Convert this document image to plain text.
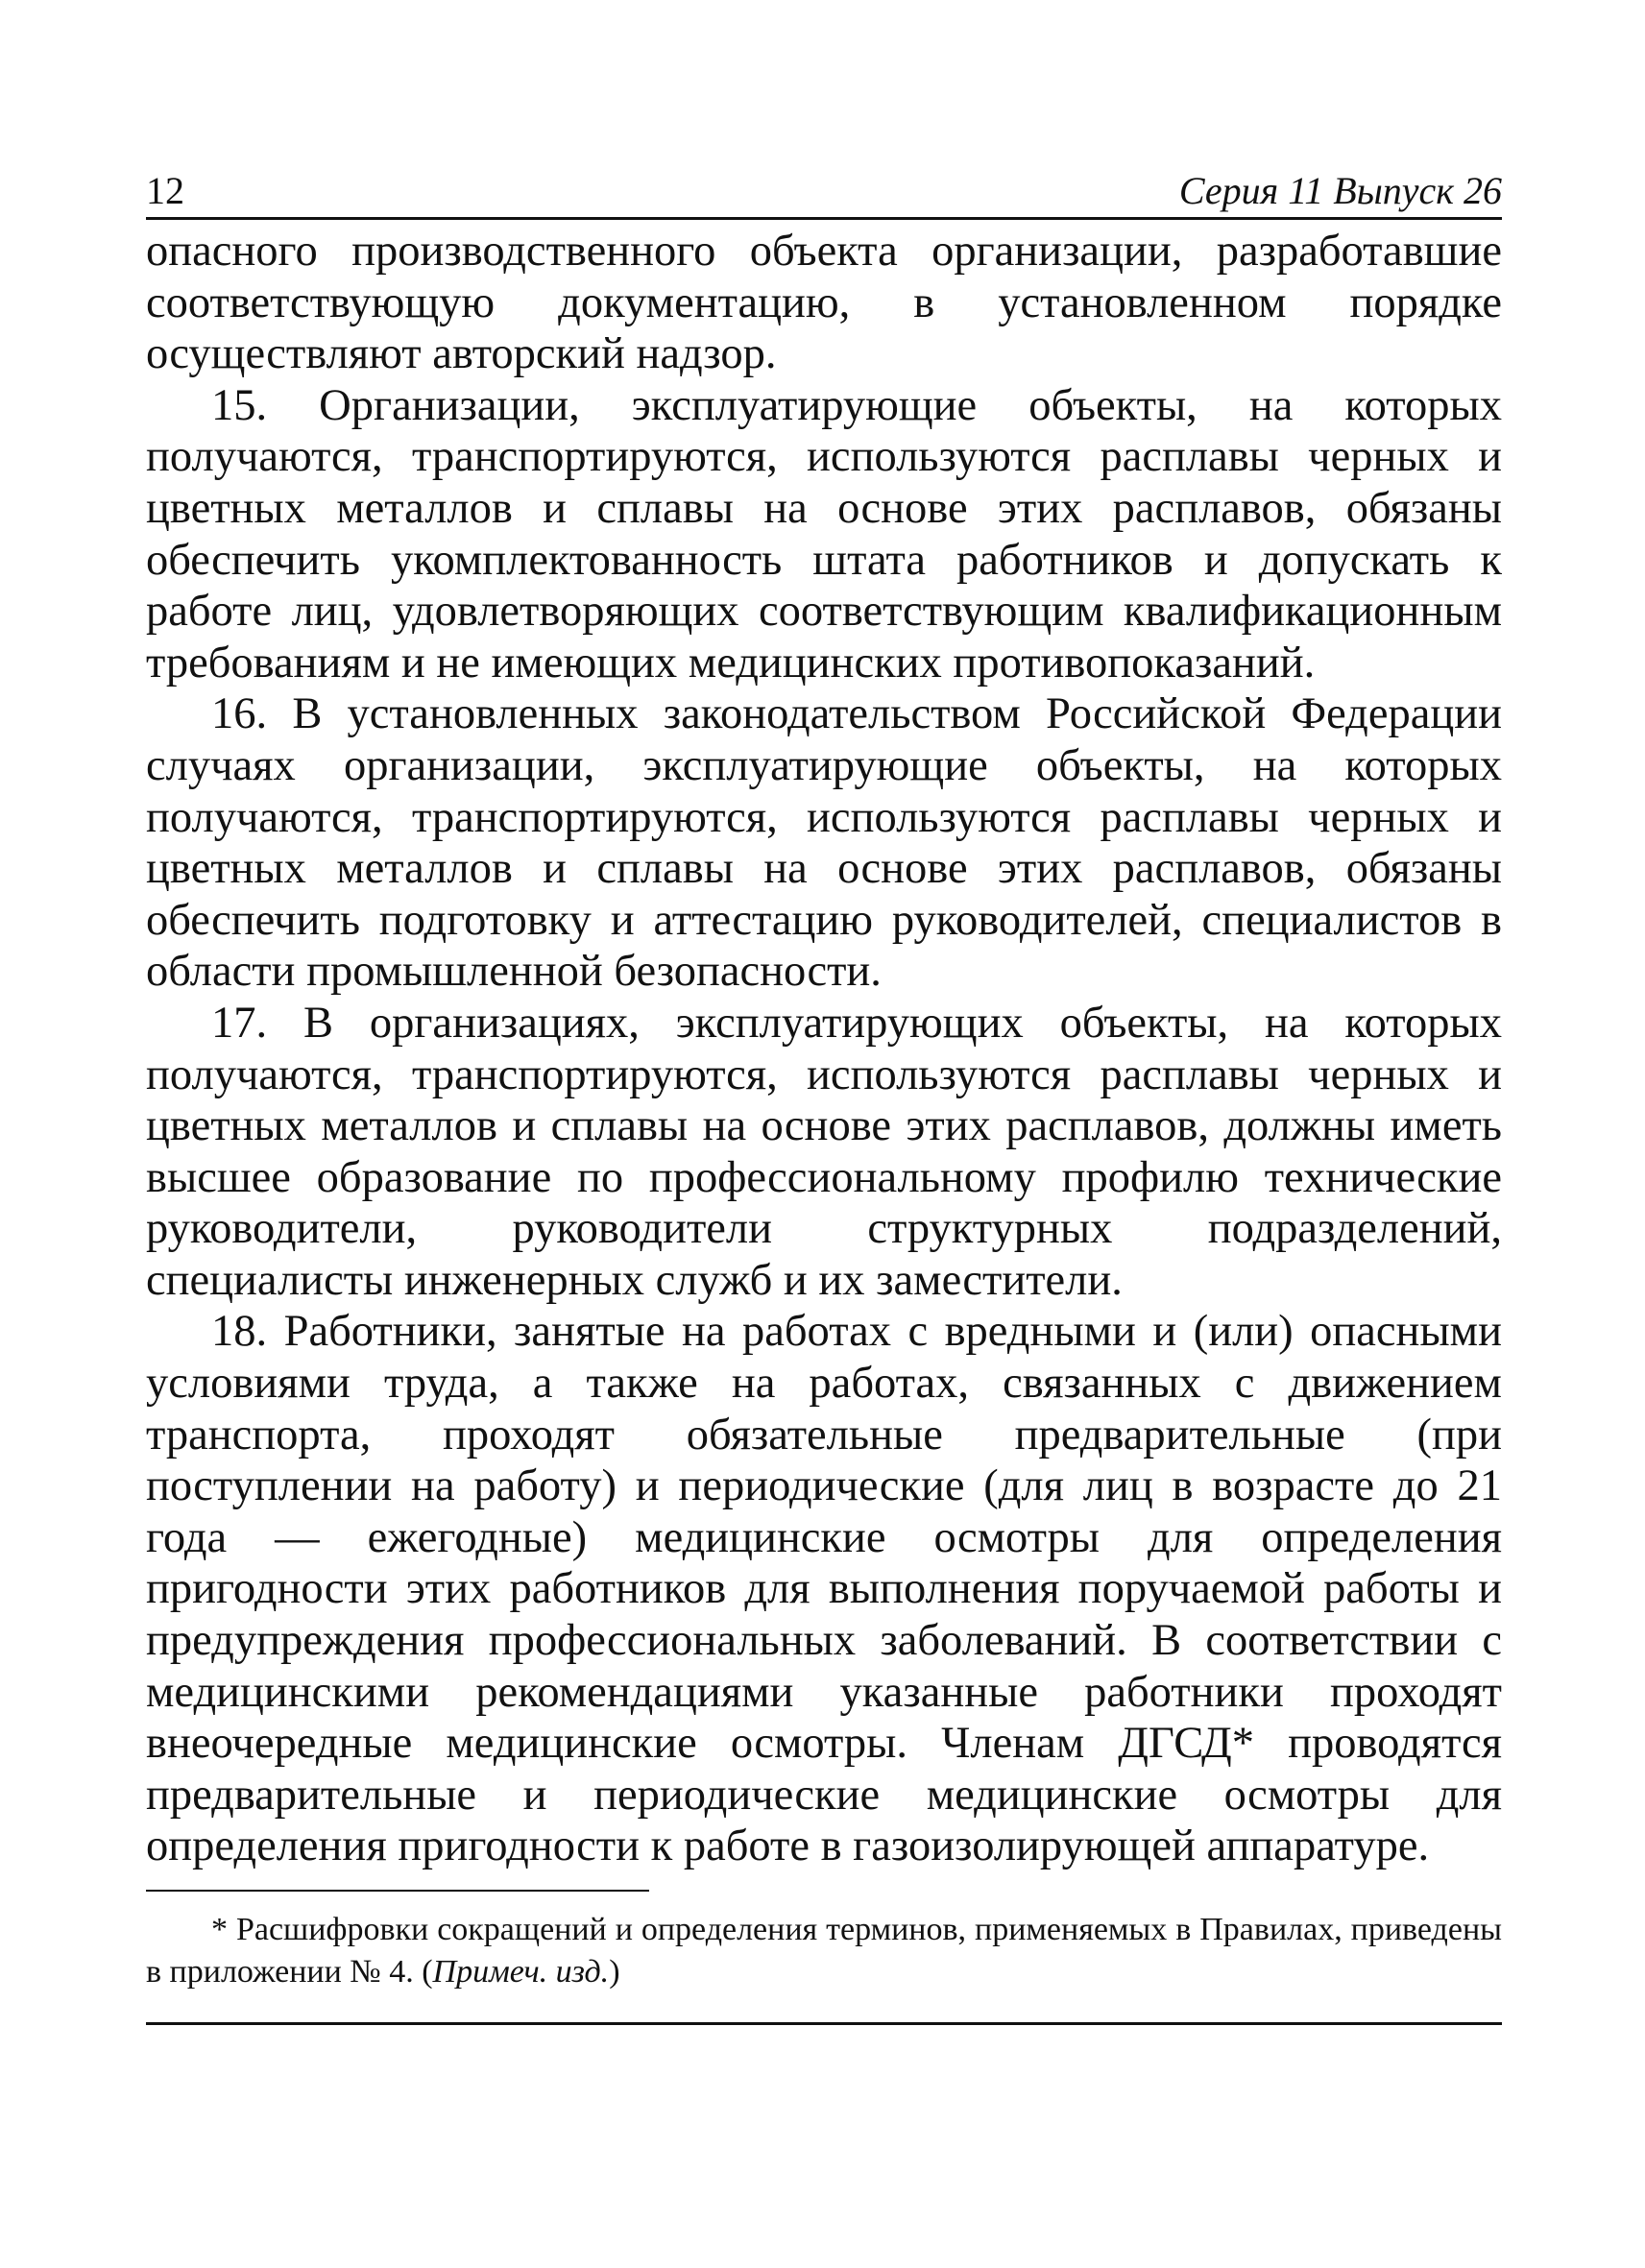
12	Серия 11 Выпуск 26

опасного производственного объекта организации, разработавшие соответствующую документацию, в установленном порядке осуществляют авторский надзор.

15. Организации, эксплуатирующие объекты, на которых получаются, транспортируются, используются расплавы черных и цветных металлов и сплавы на основе этих расплавов, обязаны обеспечить укомплектованность штата работников и допускать к работе лиц, удовлетворяющих соответствующим квалификационным требованиям и не имеющих медицинских противопоказаний.

16. В установленных законодательством Российской Федерации случаях организации, эксплуатирующие объекты, на которых получаются, транспортируются, используются расплавы черных и цветных металлов и сплавы на основе этих расплавов, обязаны обеспечить подготовку и аттестацию руководителей, специалистов в области промышленной безопасности.

17. В организациях, эксплуатирующих объекты, на которых получаются, транспортируются, используются расплавы черных и цветных металлов и сплавы на основе этих расплавов, должны иметь высшее образование по профессиональному профилю технические руководители, руководители структурных подразделений, специалисты инженерных служб и их заместители.

18. Работники, занятые на работах с вредными и (или) опасными условиями труда, а также на работах, связанных с движением транспорта, проходят обязательные предварительные (при поступлении на работу) и периодические (для лиц в возрасте до 21 года — ежегодные) медицинские осмотры для определения пригодности этих работников для выполнения поручаемой работы и предупреждения профессиональных заболеваний. В соответствии с медицинскими рекомендациями указанные работники проходят внеочередные медицинские осмотры. Членам ДГСД* проводятся предварительные и периодические медицинские осмотры для определения пригодности к работе в газоизолирующей аппаратуре.

* Расшифровки сокращений и определения терминов, применяемых в Правилах, приведены в приложении № 4. (Примеч. изд.)
